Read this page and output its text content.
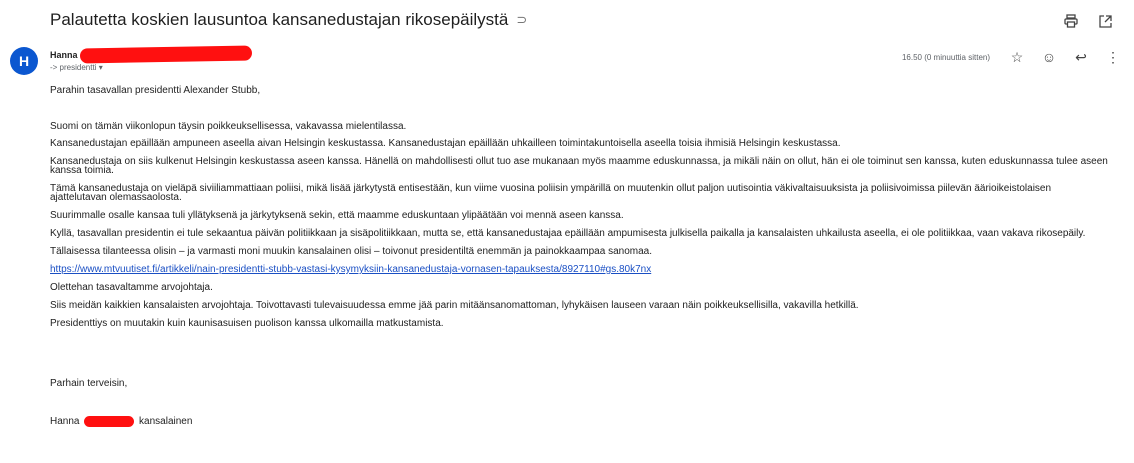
Palautetta koskien lausuntoa kansanedustajan rikosepäilystä ⊃
H	Hanna
-> presidentti ▾
16.50 (0 minuuttia sitten) ☆ ☺ ↩ ⋮

Parahin tasavallan presidentti Alexander Stubb,

Suomi on tämän viikonlopun täysin poikkeuksellisessa, vakavassa mielentilassa.

Kansanedustajan epäillään ampuneen aseella aivan Helsingin keskustassa. Kansanedustajan epäillään uhkailleen toimintakuntoisella aseella toisia ihmisiä Helsingin keskustassa.

Kansanedustaja on siis kulkenut Helsingin keskustassa aseen kanssa. Hänellä on mahdollisesti ollut tuo ase mukanaan myös maamme eduskunnassa, ja mikäli näin on ollut, hän ei ole toiminut sen kanssa, kuten eduskunnassa tulee aseen kanssa toimia.

Tämä kansanedustaja on vieläpä siviiliammattiaan poliisi, mikä lisää järkytystä entisestään, kun viime vuosina poliisin ympärillä on muutenkin ollut paljon uutisointia väkivaltaisuuksista ja poliisivoimissa piilevän äärioikeistolaisen ajattelutavan olemassaolosta.

Suurimmalle osalle kansaa tuli yllätyksenä ja järkytyksenä sekin, että maamme eduskuntaan ylipäätään voi mennä aseen kanssa.

Kyllä, tasavallan presidentin ei tule sekaantua päivän politiikkaan ja sisäpolitiikkaan, mutta se, että kansanedustajaa epäillään ampumisesta julkisella paikalla ja kansalaisten uhkailusta aseella, ei ole politiikkaa, vaan vakava rikosepäily.

Tällaisessa tilanteessa olisin – ja varmasti moni muukin kansalainen olisi – toivonut presidentiltä enemmän ja painokkaampaa sanomaa.

https://www.mtvuutiset.fi/artikkeli/nain-presidentti-stubb-vastasi-kysymyksiin-kansanedustaja-vornasen-tapauksesta/8927110#gs.80k7nx

Olettehan tasavaltamme arvojohtaja.

Siis meidän kaikkien kansalaisten arvojohtaja. Toivottavasti tulevaisuudessa emme jää parin mitäänsanomattoman, lyhykäisen lauseen varaan näin poikkeuksellisilla, vakavilla hetkillä.

Presidenttiys on muutakin kuin kaunisasuisen puolison kanssa ulkomailla matkustamista.

Parhain terveisin,

Hanna	kansalainen
